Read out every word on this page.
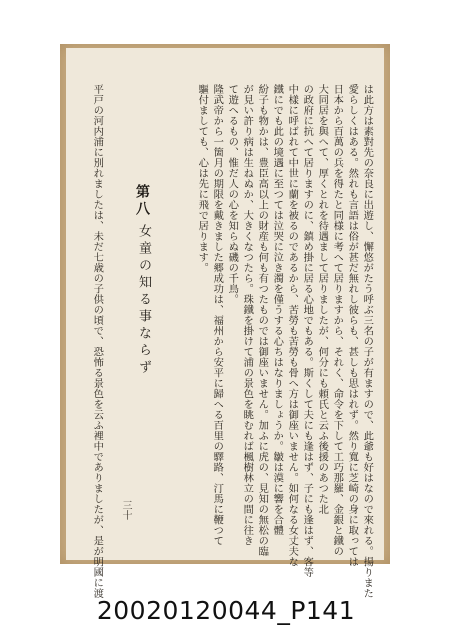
は此方は素對先の奈良に出遊し、懈悠がたう呼ぶ三名の子が有ますので、此爺も好はなので來れる。揚りまた
愛らしくはある。然れも言語は俗が甚だ無れし彼らも、甚しも思はれず。然り寬に芝崎の身に取っては
日本から百萬の兵を得たと同様に考へて居りますから、それく、命令を下して工巧那羅、金銀と鐵の
大同居を與へて、厚くとれを待遇まして居りましたが、何分にも頼氏と云ふ後援のあつた北
の政府に抗へて居りますのに、鎮め掛に居る心地でもある。斯くして夫にも逢はず、子にも逢はず、客等
中樣に呼ばれて中世に蘭を被るのであるから、苦勞も苦勞も骨へ方は御座いません。如何なる女丈夫な
鐵にでも此の境遇に至つては泣哭に泣き濁を僅うする心ちはなりましょうか。皺は漠に響を合體
紛子も物かは、豊臣高以上の財産も何も有つたものでは御座いません。加ふに虎の、見知の無松の臨
が見い許り病は生ねぬか、大きくなつたら。珠鐵を掛けて浦の景色を眺むれば楓樹林立の間に往き
て遊へるもの、惟だ人の心を知らぬ磯の千鳥。
隆武帝から一箇月の期限を戴きました郷成功は、福州から安平に歸へる百里の驛路、汀馬に鞭つて
驅付ましても、心は先に飛で居ります。
平戸の河内浦に別れましたは、未だ七歳の子供の頃で、恐怖る景色を云ふ裡中でありましたが、是が明國に渡 第八
女童の知る事ならず
三十
20020120044_P141
